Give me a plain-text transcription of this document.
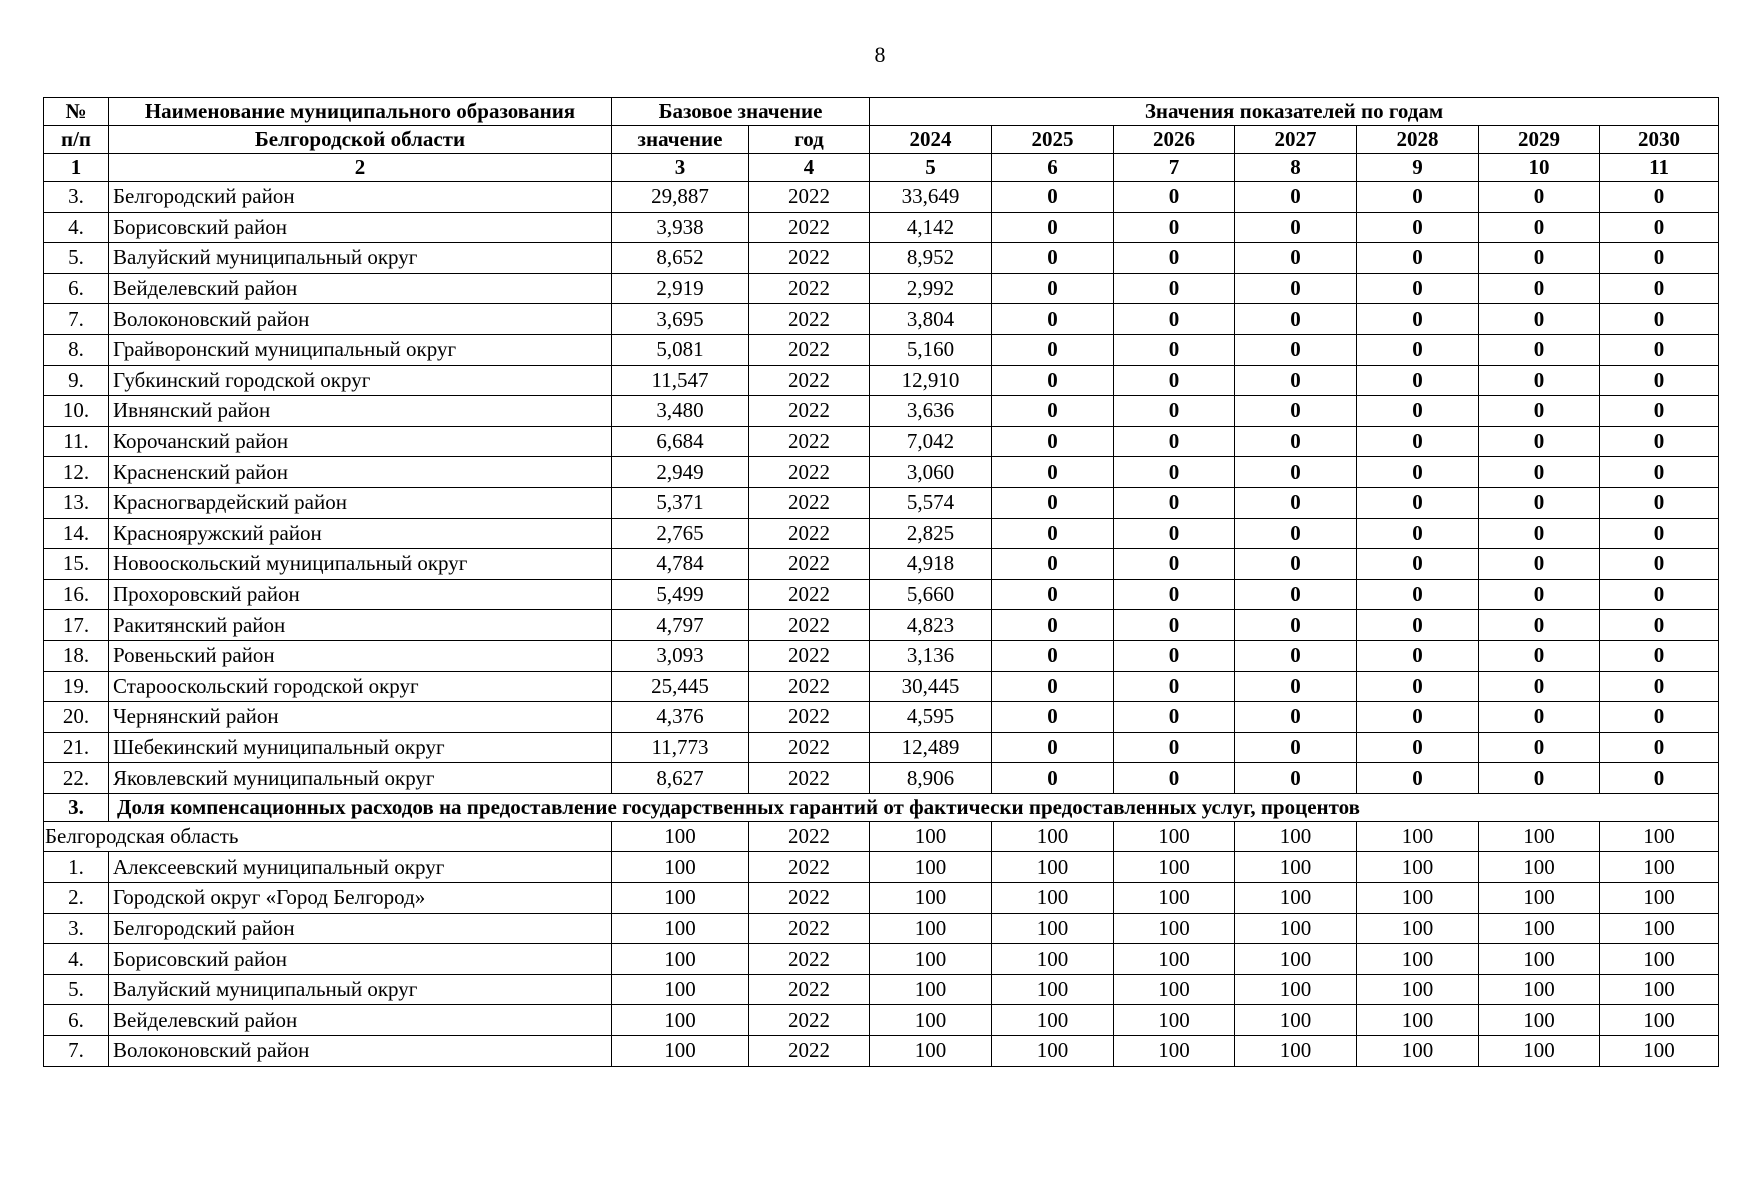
8
№	Наименование муниципального образования	Базовое значение		Значения показателей по годам						
п/п	Белгородской области	значение	год	2024	2025	2026	2027	2028	2029	2030
1	2	3	4	5	6	7	8	9	10	11
3.	Белгородский район	29,887	2022	33,649	0	0	0	0	0	0
4.	Борисовский район	3,938	2022	4,142	0	0	0	0	0	0
5.	Валуйский муниципальный округ	8,652	2022	8,952	0	0	0	0	0	0
6.	Вейделевский район	2,919	2022	2,992	0	0	0	0	0	0
7.	Волоконовский район	3,695	2022	3,804	0	0	0	0	0	0
8.	Грайворонский муниципальный округ	5,081	2022	5,160	0	0	0	0	0	0
9.	Губкинский городской округ	11,547	2022	12,910	0	0	0	0	0	0
10.	Ивнянский район	3,480	2022	3,636	0	0	0	0	0	0
11.	Корочанский район	6,684	2022	7,042	0	0	0	0	0	0
12.	Красненский район	2,949	2022	3,060	0	0	0	0	0	0
13.	Красногвардейский район	5,371	2022	5,574	0	0	0	0	0	0
14.	Краснояружский район	2,765	2022	2,825	0	0	0	0	0	0
15.	Новооскольский муниципальный округ	4,784	2022	4,918	0	0	0	0	0	0
16.	Прохоровский район	5,499	2022	5,660	0	0	0	0	0	0
17.	Ракитянский район	4,797	2022	4,823	0	0	0	0	0	0
18.	Ровеньский район	3,093	2022	3,136	0	0	0	0	0	0
19.	Старооскольский городской округ	25,445	2022	30,445	0	0	0	0	0	0
20.	Чернянский район	4,376	2022	4,595	0	0	0	0	0	0
21.	Шебекинский муниципальный округ	11,773	2022	12,489	0	0	0	0	0	0
22.	Яковлевский муниципальный округ	8,627	2022	8,906	0	0	0	0	0	0
3.	Доля компенсационных расходов на предоставление государственных гарантий от фактически предоставленных услуг, процентов									
Белгородская область		100	2022	100	100	100	100	100	100	100
1.	Алексеевский муниципальный округ	100	2022	100	100	100	100	100	100	100
2.	Городской округ «Город Белгород»	100	2022	100	100	100	100	100	100	100
3.	Белгородский район	100	2022	100	100	100	100	100	100	100
4.	Борисовский район	100	2022	100	100	100	100	100	100	100
5.	Валуйский муниципальный округ	100	2022	100	100	100	100	100	100	100
6.	Вейделевский район	100	2022	100	100	100	100	100	100	100
7.	Волоконовский район	100	2022	100	100	100	100	100	100	100
